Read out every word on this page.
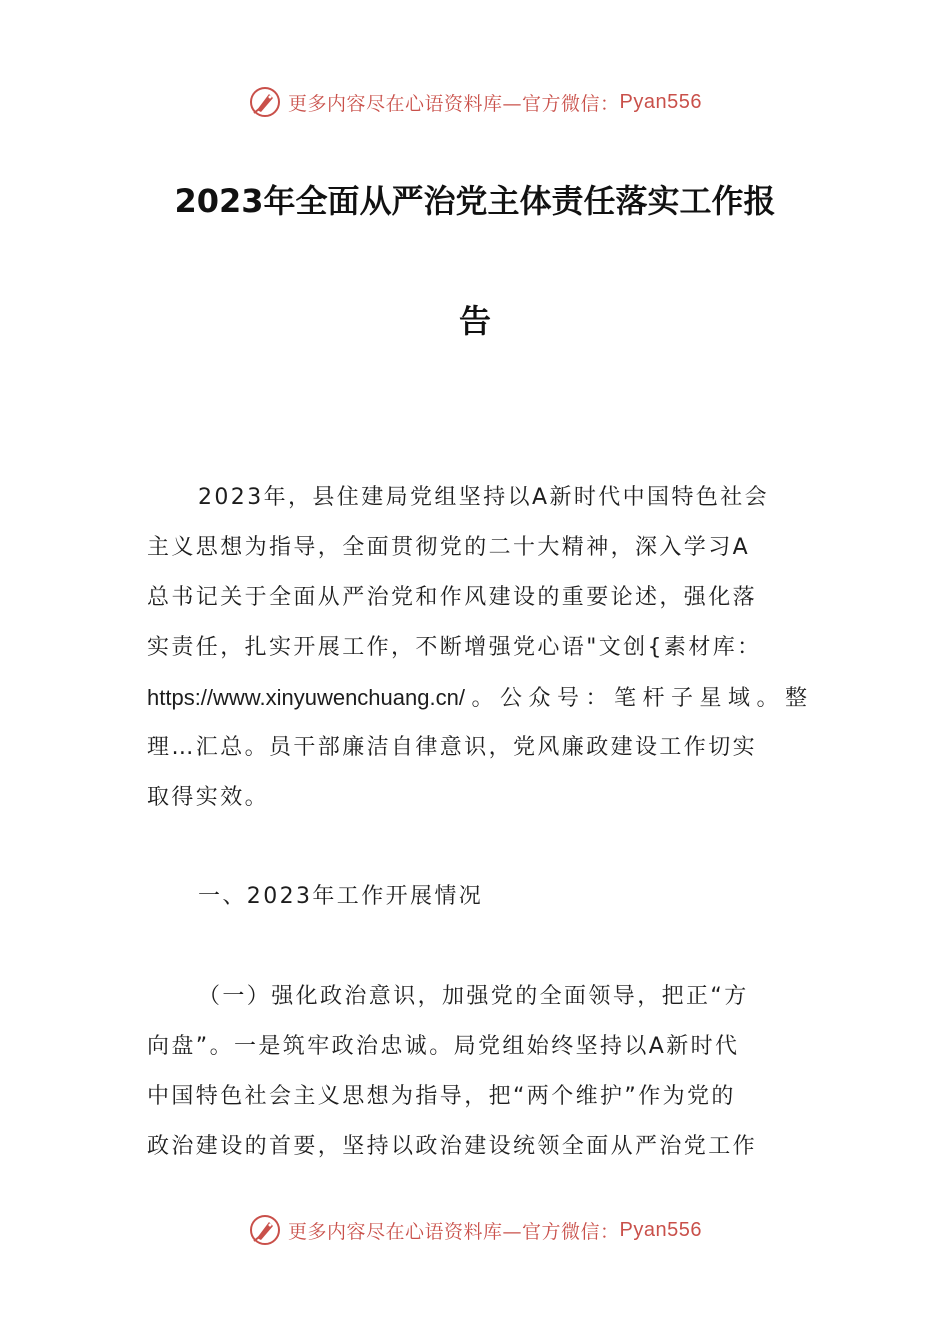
更多内容尽在心语资料库—官方微信： Pyan556
2023年全面从严治党主体责任落实工作报
告
2023年，县住建局党组坚持以A新时代中国特色社会
主义思想为指导，全面贯彻党的二十大精神，深入学习A
总书记关于全面从严治党和作风建设的重要论述，强化落
实责任，扎实开展工作，不断增强党心语"文创{素材库：
https://www.xinyuwenchuang.cn/。公众号：笔杆子星域。整
理…汇总。员干部廉洁自律意识，党风廉政建设工作切实
取得实效。
一、2023年工作开展情况
（一）强化政治意识，加强党的全面领导，把正“方
向盘”。一是筑牢政治忠诚。局党组始终坚持以A新时代
中国特色社会主义思想为指导，把“两个维护”作为党的
政治建设的首要，坚持以政治建设统领全面从严治党工作
更多内容尽在心语资料库—官方微信： Pyan556
